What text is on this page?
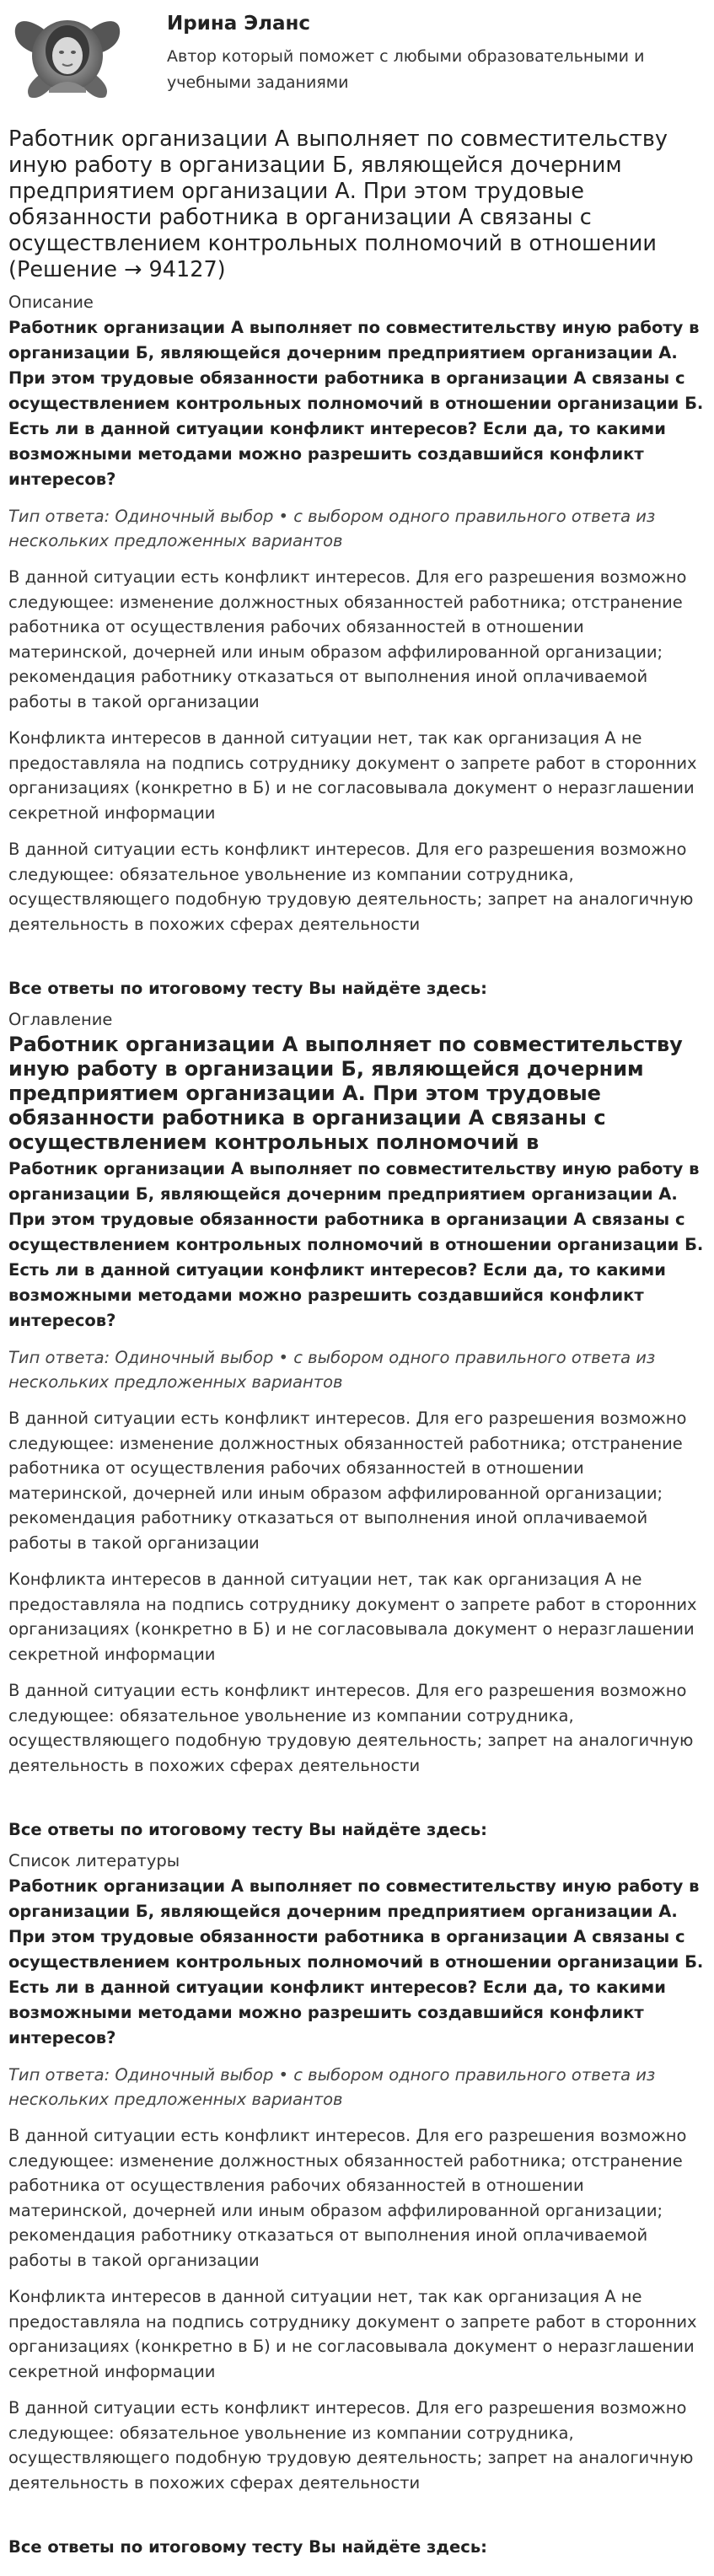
Ирина Эланс
Автор который поможет с любыми образовательными и учебными заданиями
Работник организации А выполняет по совместительству иную работу в организации Б, являющейся дочерним предприятием организации А. При этом трудовые обязанности работника в организации А связаны с осуществлением контрольных полномочий в отношении (Решение → 94127)
Описание
Работник организации А выполняет по совместительству иную работу в организации Б, являющейся дочерним предприятием организации А. При этом трудовые обязанности работника в организации А связаны с осуществлением контрольных полномочий в отношении организации Б. Есть ли в данной ситуации конфликт интересов? Если да, то какими возможными методами можно разрешить создавшийся конфликт интересов?
Тип ответа: Одиночный выбор • с выбором одного правильного ответа из нескольких предложенных вариантов
В данной ситуации есть конфликт интересов. Для его разрешения возможно следующее: изменение должностных обязанностей работника; отстранение работника от осуществления рабочих обязанностей в отношении материнской, дочерней или иным образом аффилированной организации; рекомендация работнику отказаться от выполнения иной оплачиваемой работы в такой организации
Конфликта интересов в данной ситуации нет, так как организация А не предоставляла на подпись сотруднику документ о запрете работ в сторонних организациях (конкретно в Б) и не согласовывала документ о неразглашении секретной информации
В данной ситуации есть конфликт интересов. Для его разрешения возможно следующее: обязательное увольнение из компании сотрудника, осуществляющего подобную трудовую деятельность; запрет на аналогичную деятельность в похожих сферах деятельности
Все ответы по итоговому тесту Вы найдёте здесь:
Оглавление
Работник организации А выполняет по совместительству иную работу в организации Б, являющейся дочерним предприятием организации А. При этом трудовые обязанности работника в организации А связаны с осуществлением контрольных полномочий в
Работник организации А выполняет по совместительству иную работу в организации Б, являющейся дочерним предприятием организации А. При этом трудовые обязанности работника в организации А связаны с осуществлением контрольных полномочий в отношении организации Б. Есть ли в данной ситуации конфликт интересов? Если да, то какими возможными методами можно разрешить создавшийся конфликт интересов?
Тип ответа: Одиночный выбор • с выбором одного правильного ответа из нескольких предложенных вариантов
В данной ситуации есть конфликт интересов. Для его разрешения возможно следующее: изменение должностных обязанностей работника; отстранение работника от осуществления рабочих обязанностей в отношении материнской, дочерней или иным образом аффилированной организации; рекомендация работнику отказаться от выполнения иной оплачиваемой работы в такой организации
Конфликта интересов в данной ситуации нет, так как организация А не предоставляла на подпись сотруднику документ о запрете работ в сторонних организациях (конкретно в Б) и не согласовывала документ о неразглашении секретной информации
В данной ситуации есть конфликт интересов. Для его разрешения возможно следующее: обязательное увольнение из компании сотрудника, осуществляющего подобную трудовую деятельность; запрет на аналогичную деятельность в похожих сферах деятельности
Все ответы по итоговому тесту Вы найдёте здесь:
Список литературы
Работник организации А выполняет по совместительству иную работу в организации Б, являющейся дочерним предприятием организации А. При этом трудовые обязанности работника в организации А связаны с осуществлением контрольных полномочий в отношении организации Б. Есть ли в данной ситуации конфликт интересов? Если да, то какими возможными методами можно разрешить создавшийся конфликт интересов?
Тип ответа: Одиночный выбор • с выбором одного правильного ответа из нескольких предложенных вариантов
В данной ситуации есть конфликт интересов. Для его разрешения возможно следующее: изменение должностных обязанностей работника; отстранение работника от осуществления рабочих обязанностей в отношении материнской, дочерней или иным образом аффилированной организации; рекомендация работнику отказаться от выполнения иной оплачиваемой работы в такой организации
Конфликта интересов в данной ситуации нет, так как организация А не предоставляла на подпись сотруднику документ о запрете работ в сторонних организациях (конкретно в Б) и не согласовывала документ о неразглашении секретной информации
В данной ситуации есть конфликт интересов. Для его разрешения возможно следующее: обязательное увольнение из компании сотрудника, осуществляющего подобную трудовую деятельность; запрет на аналогичную деятельность в похожих сферах деятельности
Все ответы по итоговому тесту Вы найдёте здесь:
